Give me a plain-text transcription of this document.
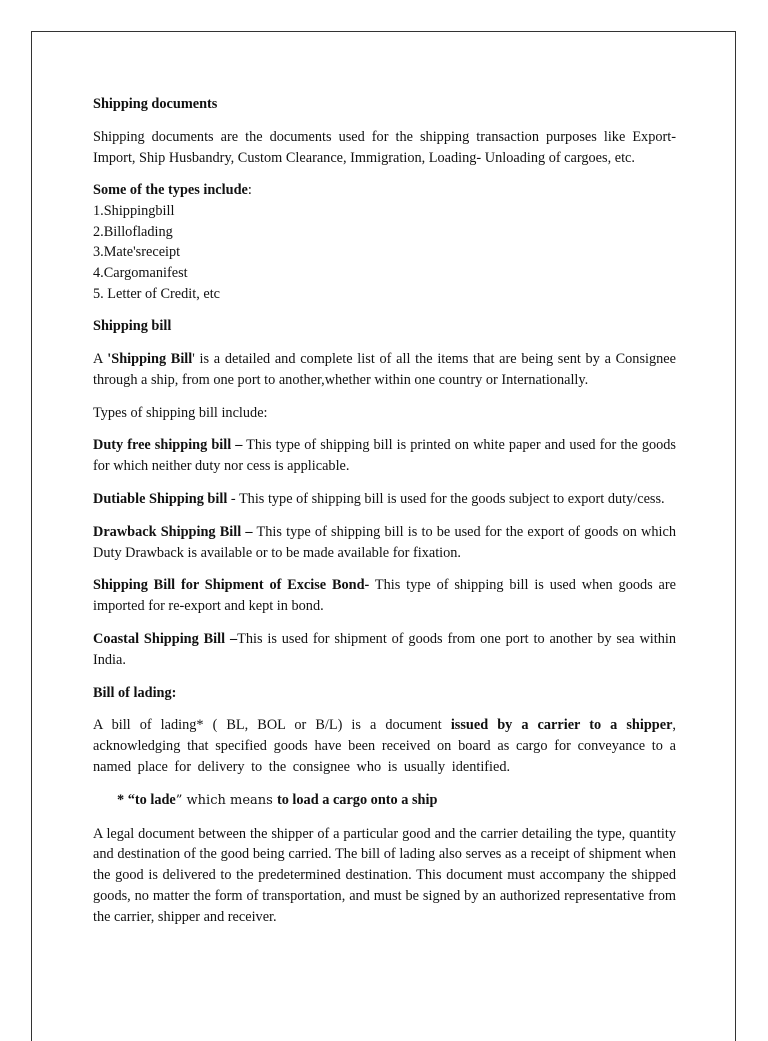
Shipping documents

Shipping documents are the documents used for the shipping transaction purposes like Export- Import, Ship Husbandry, Custom Clearance, Immigration, Loading- Unloading of cargoes, etc.

Some of the types include:

1.Shippingbill
2.Billoflading
3.Mate'sreceipt
4.Cargomanifest
5. Letter of Credit, etc

Shipping bill

A 'Shipping Bill' is a detailed and complete list of all the items that are being sent by a Consignee through a ship, from one port to another,whether within one country or Internationally.

Types of shipping bill include:

Duty free shipping bill – This type of shipping bill is printed on white paper and used for the goods for which neither duty nor cess is applicable.

Dutiable Shipping bill - This type of shipping bill is used for the goods subject to export duty/cess.

Drawback Shipping Bill – This type of shipping bill is to be used for the export of goods on which Duty Drawback is available or to be made available for fixation.

Shipping Bill for Shipment of Excise Bond- This type of shipping bill is used when goods are imported for re-export and kept in bond.

Coastal Shipping Bill –This is used for shipment of goods from one port to another by sea within India.

Bill of lading:

A bill of lading* ( BL, BOL or B/L) is a document issued by a carrier to a shipper, acknowledging that specified goods have been received on board as cargo for conveyance to a named place for delivery to the consignee who is usually identified.

* “to lade” which means to load a cargo onto a ship

A legal document between the shipper of a particular good and the carrier detailing the type, quantity and destination of the good being carried. The bill of lading also serves as a receipt of shipment when the good is delivered to the predetermined destination. This document must accompany the shipped goods, no matter the form of transportation, and must be signed by an authorized representative from the carrier, shipper and receiver.
